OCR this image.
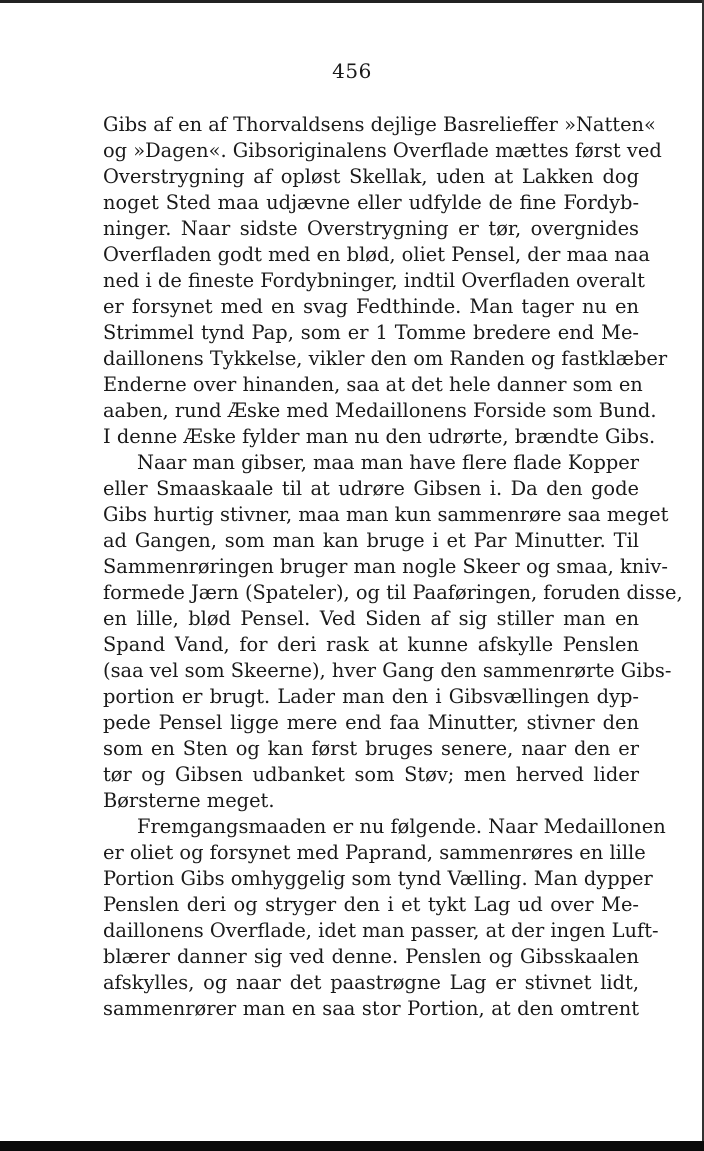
456
Gibs af en af Thorvaldsens dejlige Basrelieffer »Natten«
og »Dagen«. Gibsoriginalens Overflade mættes først ved
Overstrygning af opløst Skellak, uden at Lakken dog
noget Sted maa udjævne eller udfylde de fine Fordyb-
ninger. Naar sidste Overstrygning er tør, overgnides
Overfladen godt med en blød, oliet Pensel, der maa naa
ned i de fineste Fordybninger, indtil Overfladen overalt
er forsynet med en svag Fedthinde. Man tager nu en
Strimmel tynd Pap, som er 1 Tomme bredere end Me-
daillonens Tykkelse, vikler den om Randen og fastklæber
Enderne over hinanden, saa at det hele danner som en
aaben, rund Æske med Medaillonens Forside som Bund.
I denne Æske fylder man nu den udrørte, brændte Gibs.
Naar man gibser, maa man have flere flade Kopper
eller Smaaskaale til at udrøre Gibsen i. Da den gode
Gibs hurtig stivner, maa man kun sammenrøre saa meget
ad Gangen, som man kan bruge i et Par Minutter. Til
Sammenrøringen bruger man nogle Skeer og smaa, kniv-
formede Jærn (Spateler), og til Paaføringen, foruden disse,
en lille, blød Pensel. Ved Siden af sig stiller man en
Spand Vand, for deri rask at kunne afskylle Penslen
(saa vel som Skeerne), hver Gang den sammenrørte Gibs-
portion er brugt. Lader man den i Gibsvællingen dyp-
pede Pensel ligge mere end faa Minutter, stivner den
som en Sten og kan først bruges senere, naar den er
tør og Gibsen udbanket som Støv; men herved lider
Børsterne meget.
Fremgangsmaaden er nu følgende. Naar Medaillonen
er oliet og forsynet med Paprand, sammenrøres en lille
Portion Gibs omhyggelig som tynd Vælling. Man dypper
Penslen deri og stryger den i et tykt Lag ud over Me-
daillonens Overflade, idet man passer, at der ingen Luft-
blærer danner sig ved denne. Penslen og Gibsskaalen
afskylles, og naar det paastrøgne Lag er stivnet lidt,
sammenrører man en saa stor Portion, at den omtrent
